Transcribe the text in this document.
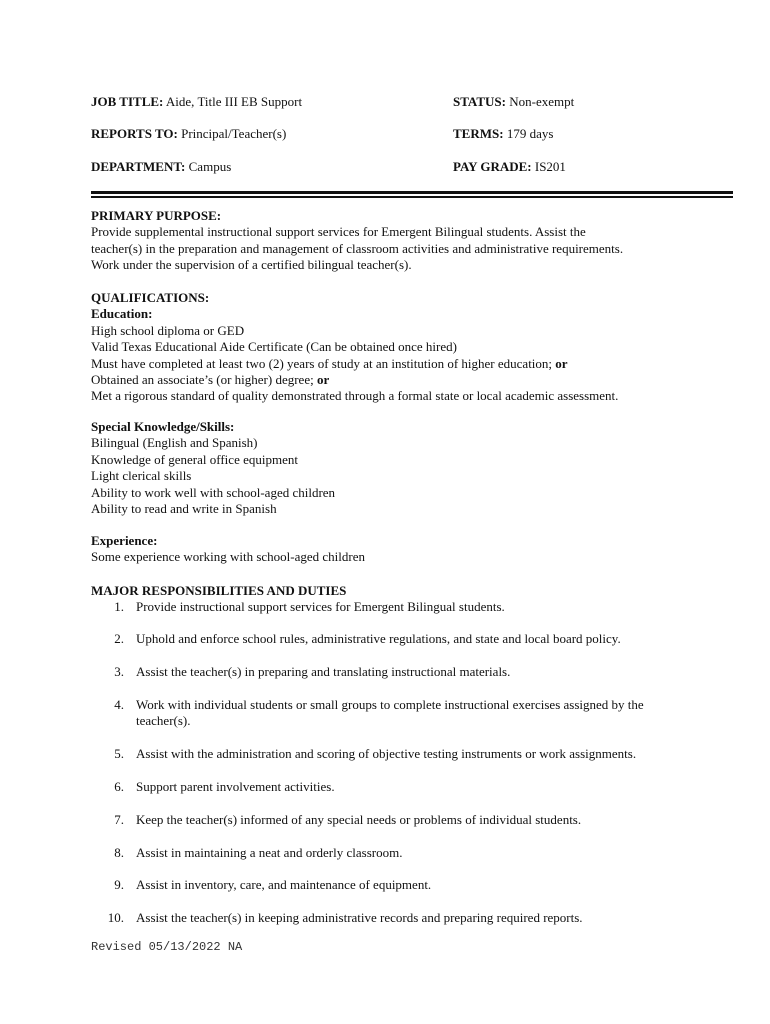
JOB TITLE: Aide, Title III EB Support	STATUS: Non-exempt
REPORTS TO: Principal/Teacher(s)	TERMS: 179 days
DEPARTMENT: Campus	PAY GRADE: IS201
PRIMARY PURPOSE:
Provide supplemental instructional support services for Emergent Bilingual students. Assist the
teacher(s) in the preparation and management of classroom activities and administrative requirements.
Work under the supervision of a certified bilingual teacher(s).
QUALIFICATIONS:
Education:
High school diploma or GED
Valid Texas Educational Aide Certificate (Can be obtained once hired)
Must have completed at least two (2) years of study at an institution of higher education; or
Obtained an associate’s (or higher) degree; or
Met a rigorous standard of quality demonstrated through a formal state or local academic assessment.
Special Knowledge/Skills:
Bilingual (English and Spanish)
Knowledge of general office equipment
Light clerical skills
Ability to work well with school-aged children
Ability to read and write in Spanish
Experience:
Some experience working with school-aged children
MAJOR RESPONSIBILITIES AND DUTIES
1. Provide instructional support services for Emergent Bilingual students.
2. Uphold and enforce school rules, administrative regulations, and state and local board policy.
3. Assist the teacher(s) in preparing and translating instructional materials.
4. Work with individual students or small groups to complete instructional exercises assigned by the
teacher(s).
5. Assist with the administration and scoring of objective testing instruments or work assignments.
6. Support parent involvement activities.
7. Keep the teacher(s) informed of any special needs or problems of individual students.
8. Assist in maintaining a neat and orderly classroom.
9. Assist in inventory, care, and maintenance of equipment.
10. Assist the teacher(s) in keeping administrative records and preparing required reports.
Revised 05/13/2022 NA
